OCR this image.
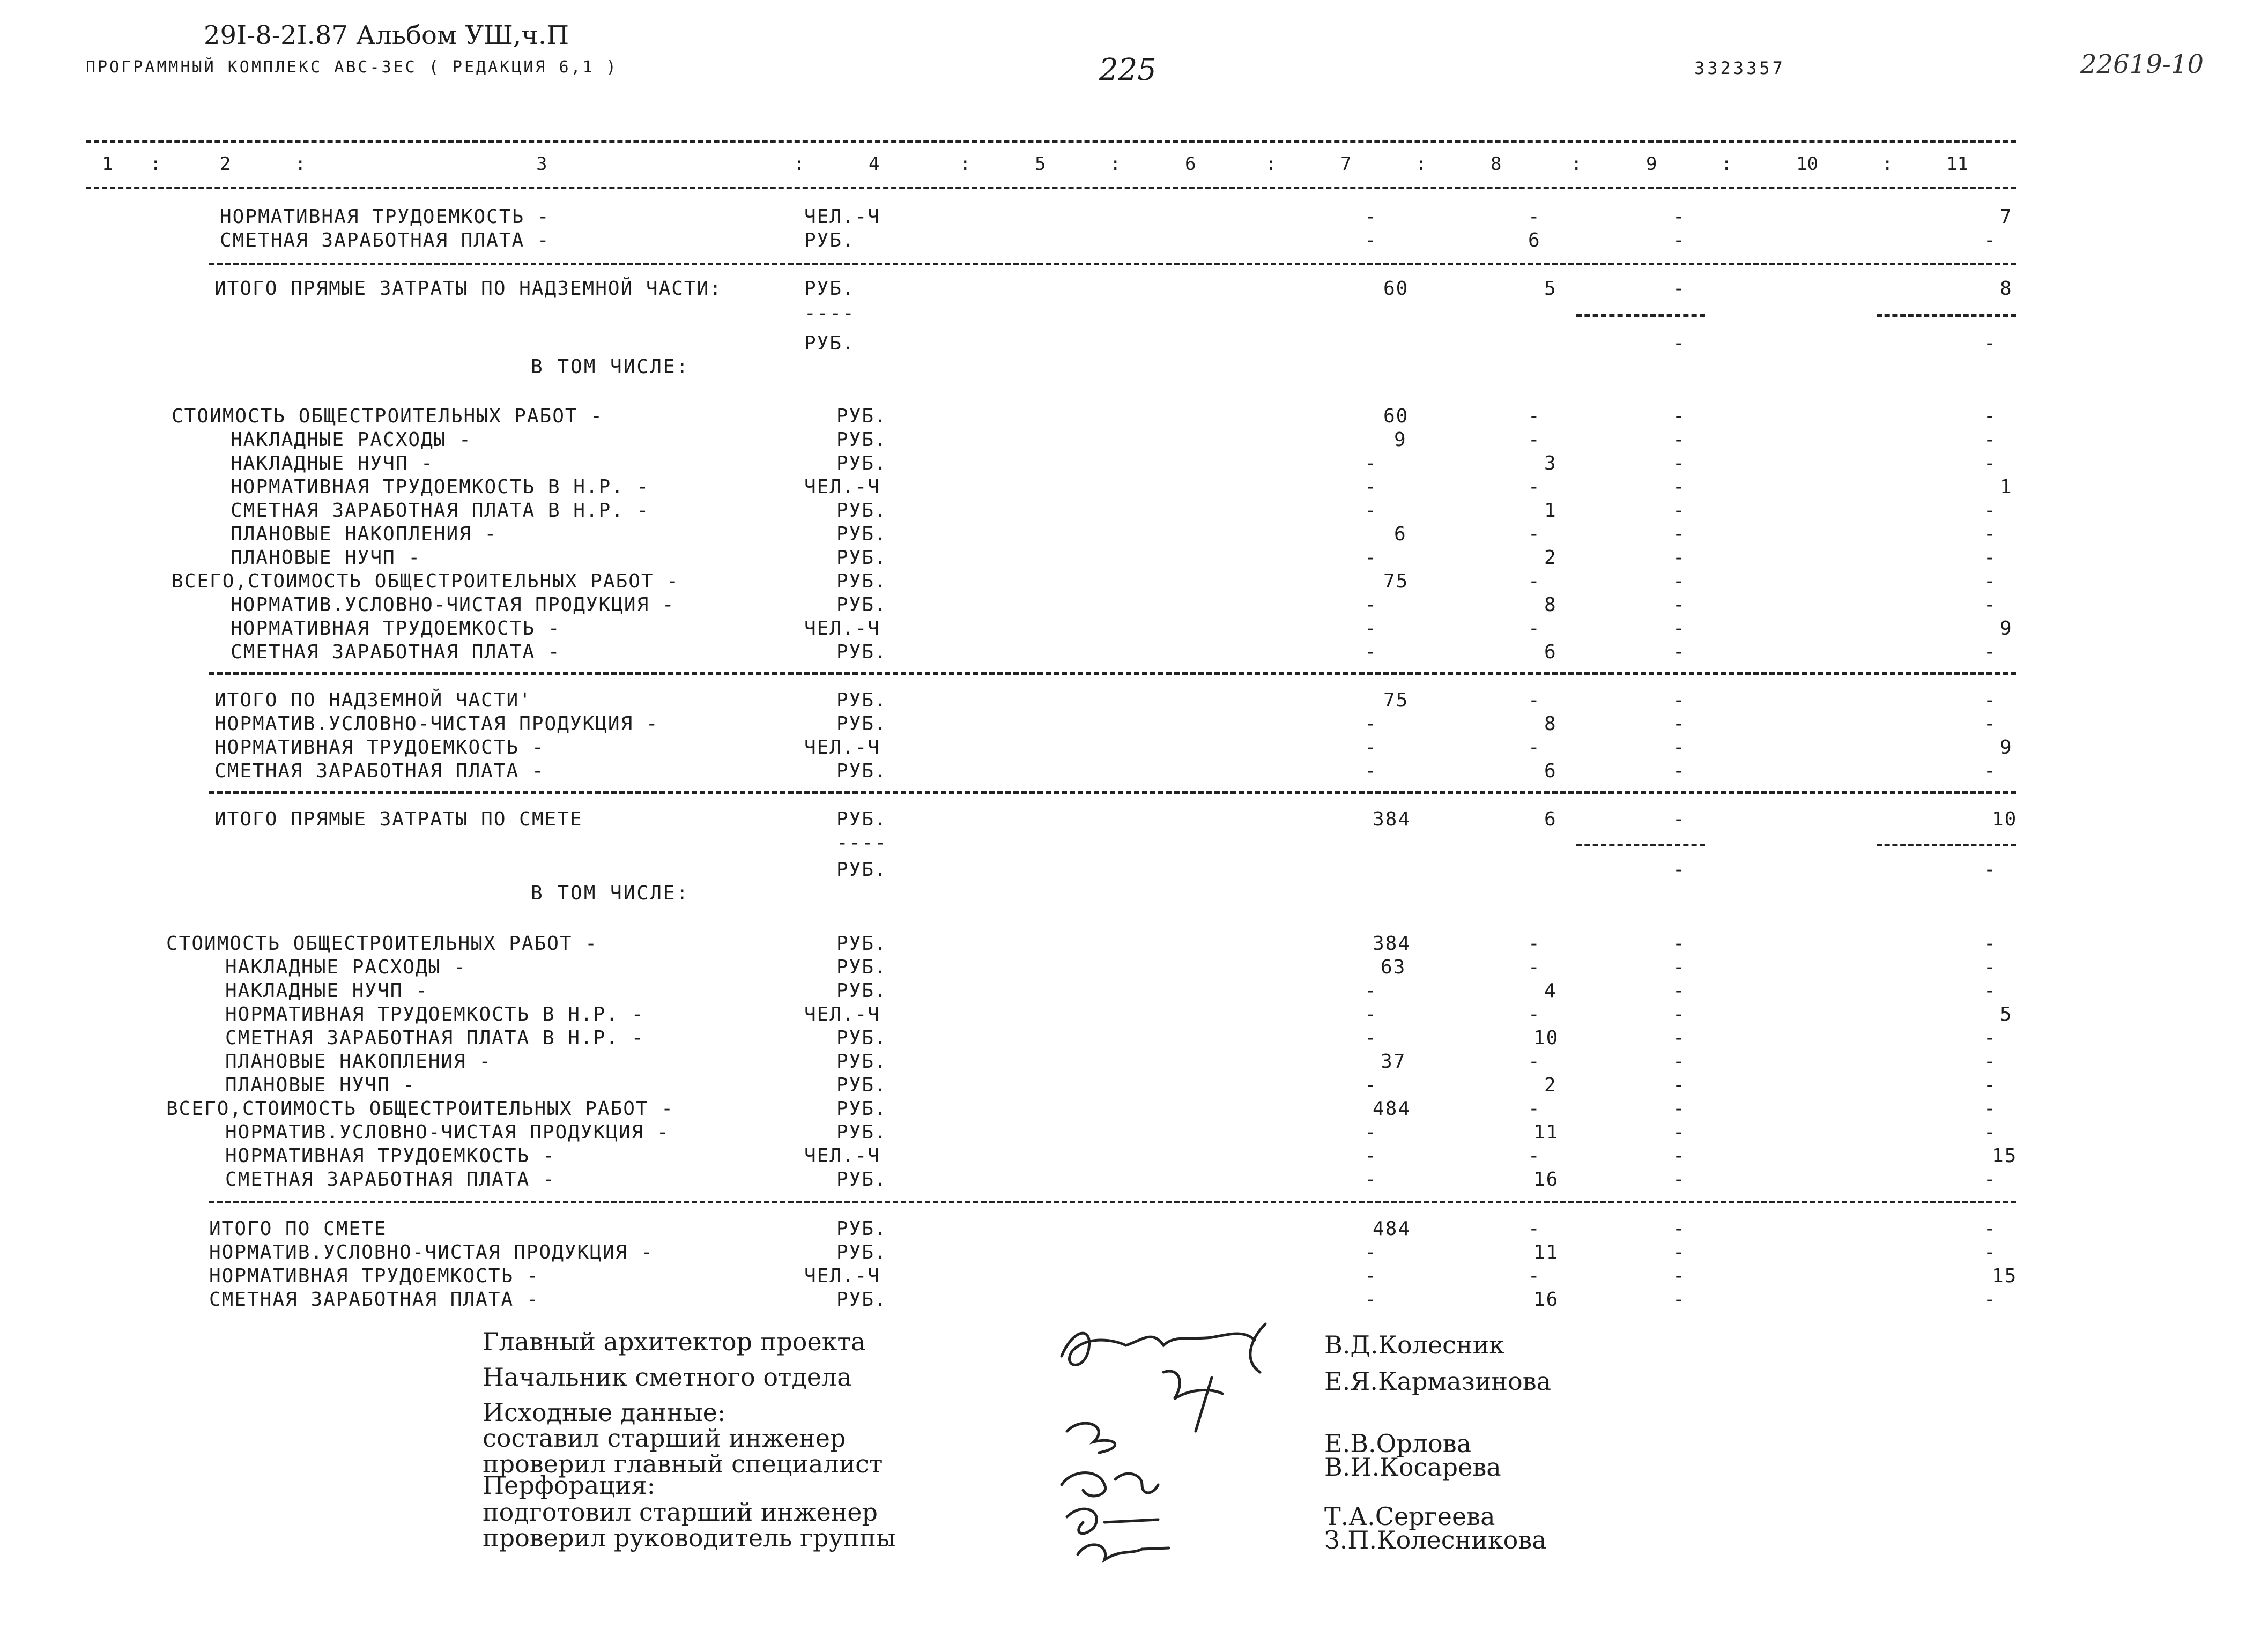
29I-8-2I.87 Альбом УШ,ч.П
ПРОГРАММНЫЙ КОМПЛЕКС АВС-ЗЕС ( РЕДАКЦИЯ 6,1 )	225	3323357	22619-10
1 :	2	:	3	:	4	:	5	:	6	:	7	:	8	:	9	:	10	:	11
НОРМАТИВНАЯ ТРУДОЕМКОСТЬ -	ЧЕЛ.-Ч	-	-	-	7
СМЕТНАЯ ЗАРАБОТНАЯ ПЛАТА -	РУБ.	-	6	-	-
ИТОГО ПРЯМЫЕ ЗАТРАТЫ ПО НАДЗЕМНОЙ ЧАСТИ:	РУБ.	60	5	-	8
----
РУБ.	-	-
В ТОМ ЧИСЛЕ:
СТОИМОСТЬ ОБЩЕСТРОИТЕЛЬНЫХ РАБОТ -	РУБ.	60	-	-	-
НАКЛАДНЫЕ РАСХОДЫ -	РУБ.	9	-	-	-
НАКЛАДНЫЕ НУЧП -	РУБ.	-	3	-	-
НОРМАТИВНАЯ ТРУДОЕМКОСТЬ В Н.Р. -	ЧЕЛ.-Ч	-	-	-	1
СМЕТНАЯ ЗАРАБОТНАЯ ПЛАТА В Н.Р. -	РУБ.	-	1	-	-
ПЛАНОВЫЕ НАКОПЛЕНИЯ -	РУБ.	6	-	-	-
ПЛАНОВЫЕ НУЧП -	РУБ.	-	2	-	-
ВСЕГО,СТОИМОСТЬ ОБЩЕСТРОИТЕЛЬНЫХ РАБОТ -	РУБ.	75	-	-	-
НОРМАТИВ.УСЛОВНО-ЧИСТАЯ ПРОДУКЦИЯ -	РУБ.	-	8	-	-
НОРМАТИВНАЯ ТРУДОЕМКОСТЬ -	ЧЕЛ.-Ч	-	-	-	9
СМЕТНАЯ ЗАРАБОТНАЯ ПЛАТА -	РУБ.	-	6	-	-
ИТОГО ПО НАДЗЕМНОЙ ЧАСТИ'	РУБ.	75	-	-	-
НОРМАТИВ.УСЛОВНО-ЧИСТАЯ ПРОДУКЦИЯ -	РУБ.	-	8	-	-
НОРМАТИВНАЯ ТРУДОЕМКОСТЬ -	ЧЕЛ.-Ч	-	-	-	9
СМЕТНАЯ ЗАРАБОТНАЯ ПЛАТА -	РУБ.	-	6	-	-
ИТОГО ПРЯМЫЕ ЗАТРАТЫ ПО СМЕТЕ	РУБ.	384	6	-	10
----
РУБ.	-	-
В ТОМ ЧИСЛЕ:
СТОИМОСТЬ ОБЩЕСТРОИТЕЛЬНЫХ РАБОТ -	РУБ.	384	-	-	-
НАКЛАДНЫЕ РАСХОДЫ -	РУБ.	63	-	-	-
НАКЛАДНЫЕ НУЧП -	РУБ.	-	4	-	-
НОРМАТИВНАЯ ТРУДОЕМКОСТЬ В Н.Р. -	ЧЕЛ.-Ч	-	-	-	5
СМЕТНАЯ ЗАРАБОТНАЯ ПЛАТА В Н.Р. -	РУБ.	-	10	-	-
ПЛАНОВЫЕ НАКОПЛЕНИЯ -	РУБ.	37	-	-	-
ПЛАНОВЫЕ НУЧП -	РУБ.	-	2	-	-
ВСЕГО,СТОИМОСТЬ ОБЩЕСТРОИТЕЛЬНЫХ РАБОТ -	РУБ.	484	-	-	-
НОРМАТИВ.УСЛОВНО-ЧИСТАЯ ПРОДУКЦИЯ -	РУБ.	-	11	-	-
НОРМАТИВНАЯ ТРУДОЕМКОСТЬ -	ЧЕЛ.-Ч	-	-	-	15
СМЕТНАЯ ЗАРАБОТНАЯ ПЛАТА -	РУБ.	-	16	-	-
ИТОГО ПО СМЕТЕ	РУБ.	484	-	-	-
НОРМАТИВ.УСЛОВНО-ЧИСТАЯ ПРОДУКЦИЯ -	РУБ.	-	11	-	-
НОРМАТИВНАЯ ТРУДОЕМКОСТЬ -	ЧЕЛ.-Ч	-	-	-	15
СМЕТНАЯ ЗАРАБОТНАЯ ПЛАТА -	РУБ.	-	16	-	-
Главный архитектор проекта
Начальник сметного отдела
Исходные данные:
составил старший инженер
проверил главный специалист
Перфорация:
подготовил старший инженер
проверил руководитель группы
В.Д.Колесник
Е.Я.Кармазинова
Е.В.Орлова
В.И.Косарева
Т.А.Сергеева
З.П.Колесникова
